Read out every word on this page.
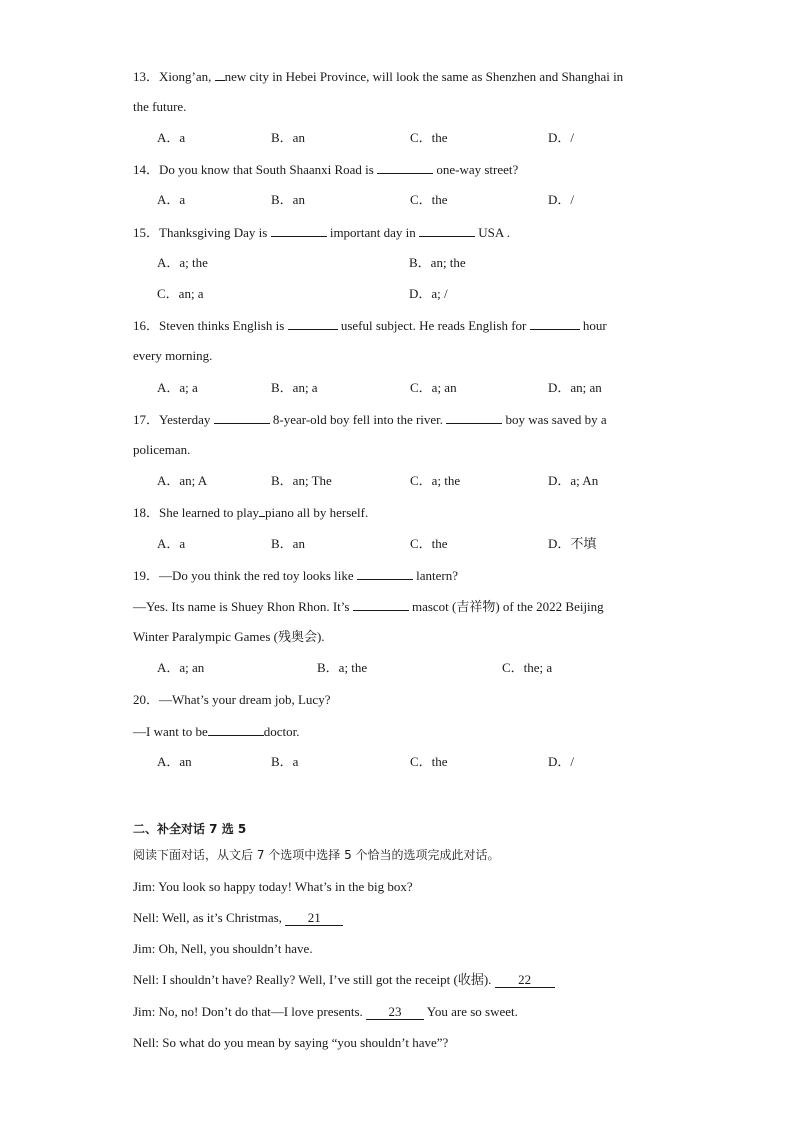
13．Xiong’an, new city in Hebei Province, will look the same as Shenzhen and Shanghai in
the future.
A．a	B．an	C．the	D．/
14．Do you know that South Shaanxi Road is	one-way street?
A．a	B．an	C．the	D．/
15．Thanksgiving Day is	important day in	USA .
A．a; the	B．an; the
C．an; a	D．a; /
16．Steven thinks English is	useful subject. He reads English for	hour
every morning.
A．a; a	B．an; a	C．a; an	D．an; an
17．Yesterday	8-year-old boy fell into the river.	boy was saved by a
policeman.
A．an; A	B．an; The	C．a; the	D．a; An
18．She learned to play piano all by herself.
A．a	B．an	C．the	D．不填
19．—Do you think the red toy looks like	lantern?
—Yes. Its name is Shuey Rhon Rhon. It’s	mascot (吉祥物) of the 2022 Beijing
Winter Paralympic Games (残奥会).
A．a; an	B．a; the	C．the; a
20．—What’s your dream job, Lucy?
—I want to be	doctor.
A．an	B．a	C．the	D．/
二、补全对话 7 选 5
阅读下面对话，从文后 7 个选项中选择 5 个恰当的选项完成此对话。
Jim: You look so happy today! What’s in the big box?
Nell: Well, as it’s Christmas, 21
Jim: Oh, Nell, you shouldn’t have.
Nell: I shouldn’t have? Really? Well, I’ve still got the receipt (收据). 22
Jim: No, no! Don’t do that—I love presents. 23 You are so sweet.
Nell: So what do you mean by saying “you shouldn’t have”?
